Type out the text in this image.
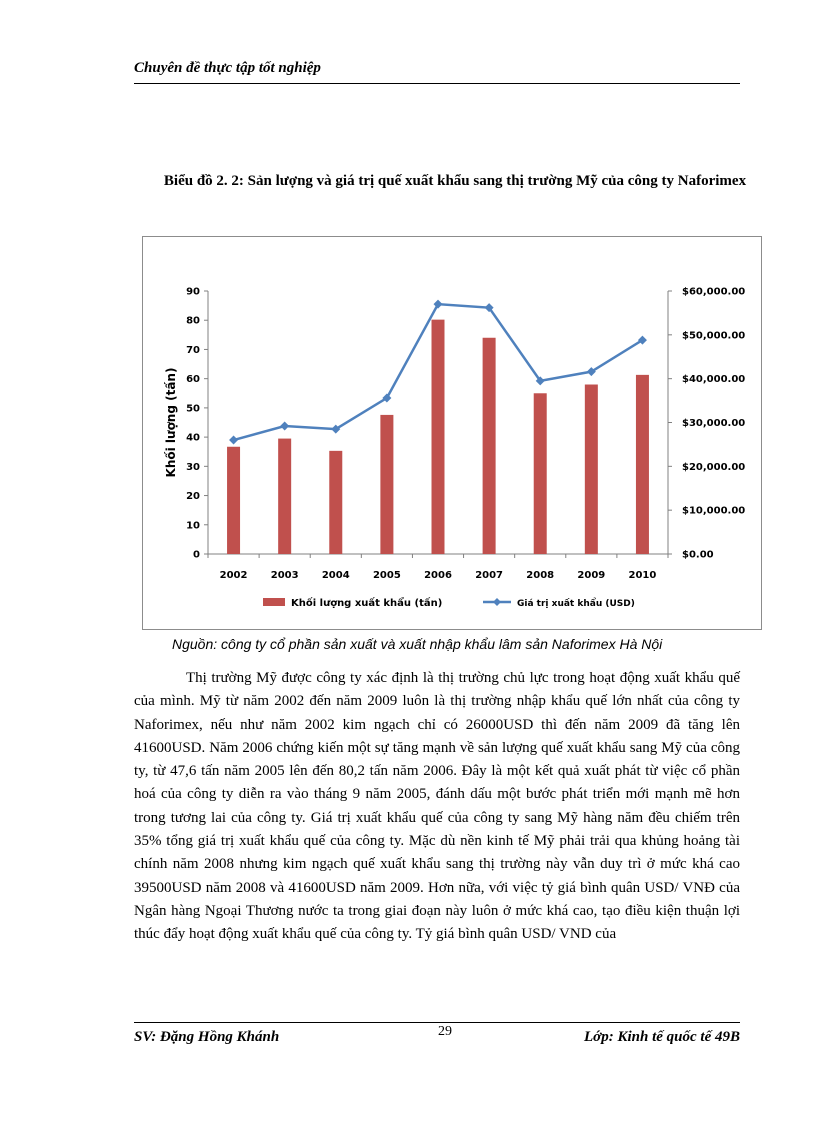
Chuyên đề thực tập tốt nghiệp
Biểu đồ 2. 2: Sản lượng và giá trị quế xuất khẩu sang thị trường Mỹ của công ty Naforimex
0
10
20
30
40
50
60
70
80
90
$0.00
$10,000.00
$20,000.00
$30,000.00
$40,000.00
$50,000.00
$60,000.00
2002 2003 2004 2005 2006 2007 2008 2009 2010
Khối lượng (tấn)
Khối lượng xuất khẩu (tấn)	Giá trị xuất khẩu (USD)
Nguồn: công ty cổ phần sản xuất và xuất nhập khẩu lâm sản Naforimex Hà Nội

Thị trường Mỹ được công ty xác định là thị trường chủ lực trong hoạt động xuất khẩu quế của mình. Mỹ từ năm 2002 đến năm 2009 luôn là thị trường nhập khẩu quế lớn nhất của công ty Naforimex, nếu như năm 2002 kim ngạch chỉ có 26000USD thì đến năm 2009 đã tăng lên 41600USD. Năm 2006 chứng kiến một sự tăng mạnh về sản lượng quế xuất khẩu sang Mỹ của công ty, từ 47,6 tấn năm 2005 lên đến 80,2 tấn năm 2006. Đây là một kết quả xuất phát từ việc cổ phần hoá của công ty diễn ra vào tháng 9 năm 2005, đánh dấu một bước phát triển mới mạnh mẽ hơn trong tương lai của công ty. Giá trị xuất khẩu quế của công ty sang Mỹ hàng năm đều chiếm trên 35% tổng giá trị xuất khẩu quế của công ty. Mặc dù nền kinh tế Mỹ phải trải qua khủng hoảng tài chính năm 2008 nhưng kim ngạch quế xuất khẩu sang thị trường này vẫn duy trì ở mức khá cao 39500USD năm 2008 và 41600USD năm 2009. Hơn nữa, với việc tỷ giá bình quân USD/ VNĐ của Ngân hàng Ngoại Thương nước ta trong giai đoạn này luôn ở mức khá cao, tạo điều kiện thuận lợi thúc đẩy hoạt động xuất khẩu quế của công ty. Tỷ giá bình quân USD/ VND của

SV: Đặng Hồng Khánh	29	Lớp: Kinh tế quốc tế 49B
